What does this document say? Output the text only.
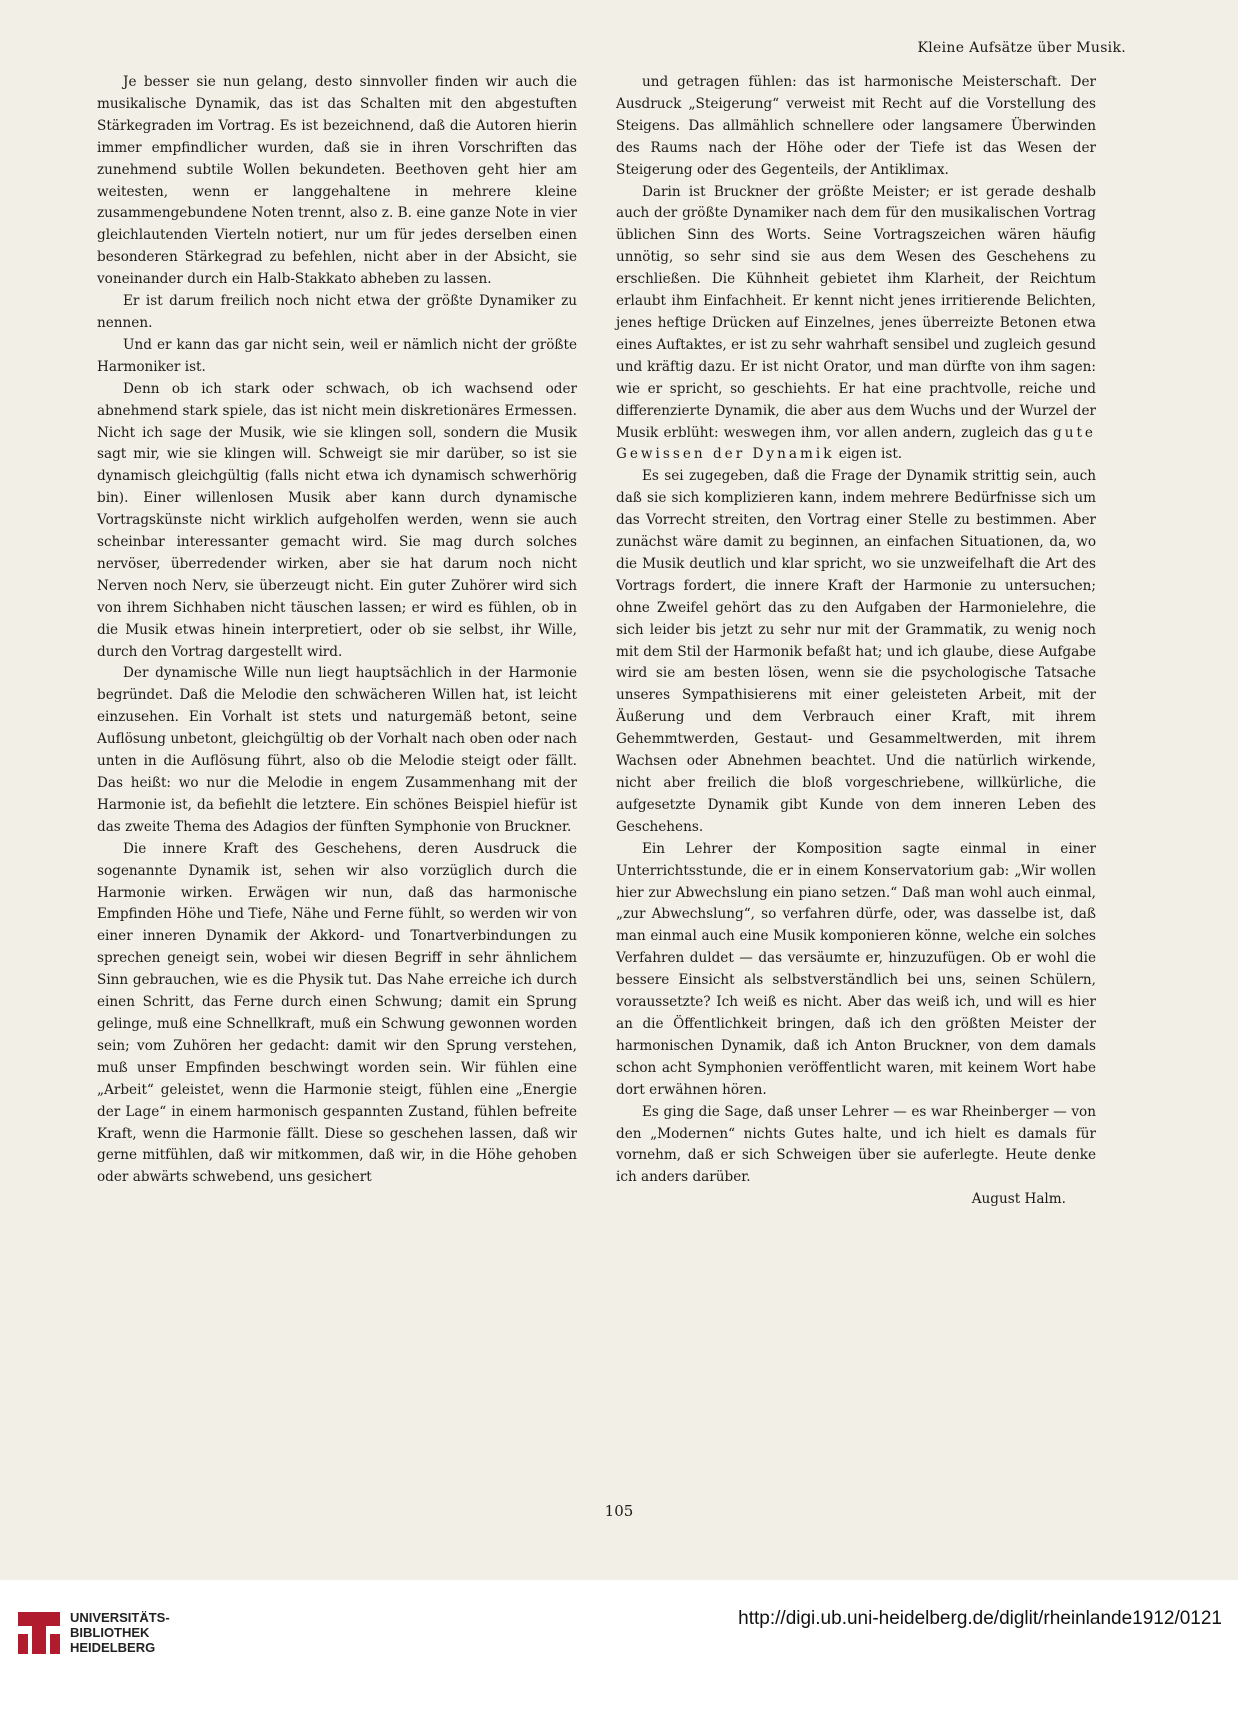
Kleine Aufsätze über Musik.

Je besser sie nun gelang, desto sinnvoller finden wir auch die musikalische Dynamik, das ist das Schalten mit den abgestuften Stärkegraden im Vortrag. Es ist bezeichnend, daß die Autoren hierin immer empfindlicher wurden, daß sie in ihren Vorschriften das zunehmend subtile Wollen bekundeten. Beethoven geht hier am weitesten, wenn er langgehaltene in mehrere kleine zusammengebundene Noten trennt, also z. B. eine ganze Note in vier gleichlautenden Vierteln notiert, nur um für jedes derselben einen besonderen Stärkegrad zu befehlen, nicht aber in der Absicht, sie voneinander durch ein Halb-Stakkato abheben zu lassen.

Er ist darum freilich noch nicht etwa der größte Dynamiker zu nennen.

Und er kann das gar nicht sein, weil er nämlich nicht der größte Harmoniker ist.

Denn ob ich stark oder schwach, ob ich wachsend oder abnehmend stark spiele, das ist nicht mein diskretionäres Ermessen. Nicht ich sage der Musik, wie sie klingen soll, sondern die Musik sagt mir, wie sie klingen will. Schweigt sie mir darüber, so ist sie dynamisch gleichgültig (falls nicht etwa ich dynamisch schwerhörig bin). Einer willenlosen Musik aber kann durch dynamische Vortragskünste nicht wirklich aufgeholfen werden, wenn sie auch scheinbar interessanter gemacht wird. Sie mag durch solches nervöser, überredender wirken, aber sie hat darum noch nicht Nerven noch Nerv, sie überzeugt nicht. Ein guter Zuhörer wird sich von ihrem Sichhaben nicht täuschen lassen; er wird es fühlen, ob in die Musik etwas hinein interpretiert, oder ob sie selbst, ihr Wille, durch den Vortrag dargestellt wird.

Der dynamische Wille nun liegt hauptsächlich in der Harmonie begründet. Daß die Melodie den schwächeren Willen hat, ist leicht einzusehen. Ein Vorhalt ist stets und naturgemäß betont, seine Auflösung unbetont, gleichgültig ob der Vorhalt nach oben oder nach unten in die Auflösung führt, also ob die Melodie steigt oder fällt. Das heißt: wo nur die Melodie in engem Zusammenhang mit der Harmonie ist, da befiehlt die letztere. Ein schönes Beispiel hiefür ist das zweite Thema des Adagios der fünften Symphonie von Bruckner.

Die innere Kraft des Geschehens, deren Ausdruck die sogenannte Dynamik ist, sehen wir also vorzüglich durch die Harmonie wirken. Erwägen wir nun, daß das harmonische Empfinden Höhe und Tiefe, Nähe und Ferne fühlt, so werden wir von einer inneren Dynamik der Akkord- und Tonartverbindungen zu sprechen geneigt sein, wobei wir diesen Begriff in sehr ähnlichem Sinn gebrauchen, wie es die Physik tut. Das Nahe erreiche ich durch einen Schritt, das Ferne durch einen Schwung; damit ein Sprung gelinge, muß eine Schnellkraft, muß ein Schwung gewonnen worden sein; vom Zuhören her gedacht: damit wir den Sprung verstehen, muß unser Empfinden beschwingt worden sein. Wir fühlen eine „Arbeit“ geleistet, wenn die Harmonie steigt, fühlen eine „Energie der Lage“ in einem harmonisch gespannten Zustand, fühlen befreite Kraft, wenn die Harmonie fällt. Diese so geschehen lassen, daß wir gerne mitfühlen, daß wir mitkommen, daß wir, in die Höhe gehoben oder abwärts schwebend, uns gesichert

und getragen fühlen: das ist harmonische Meisterschaft. Der Ausdruck „Steigerung“ verweist mit Recht auf die Vorstellung des Steigens. Das allmählich schnellere oder langsamere Überwinden des Raums nach der Höhe oder der Tiefe ist das Wesen der Steigerung oder des Gegenteils, der Antiklimax.

Darin ist Bruckner der größte Meister; er ist gerade deshalb auch der größte Dynamiker nach dem für den musikalischen Vortrag üblichen Sinn des Worts. Seine Vortragszeichen wären häufig unnötig, so sehr sind sie aus dem Wesen des Geschehens zu erschließen. Die Kühnheit gebietet ihm Klarheit, der Reichtum erlaubt ihm Einfachheit. Er kennt nicht jenes irritierende Belichten, jenes heftige Drücken auf Einzelnes, jenes überreizte Betonen etwa eines Auftaktes, er ist zu sehr wahrhaft sensibel und zugleich gesund und kräftig dazu. Er ist nicht Orator, und man dürfte von ihm sagen: wie er spricht, so geschiehts. Er hat eine prachtvolle, reiche und differenzierte Dynamik, die aber aus dem Wuchs und der Wurzel der Musik erblüht: weswegen ihm, vor allen andern, zugleich das gute Gewissen der Dynamik eigen ist.

Es sei zugegeben, daß die Frage der Dynamik strittig sein, auch daß sie sich komplizieren kann, indem mehrere Bedürfnisse sich um das Vorrecht streiten, den Vortrag einer Stelle zu bestimmen. Aber zunächst wäre damit zu beginnen, an einfachen Situationen, da, wo die Musik deutlich und klar spricht, wo sie unzweifelhaft die Art des Vortrags fordert, die innere Kraft der Harmonie zu untersuchen; ohne Zweifel gehört das zu den Aufgaben der Harmonielehre, die sich leider bis jetzt zu sehr nur mit der Grammatik, zu wenig noch mit dem Stil der Harmonik befaßt hat; und ich glaube, diese Aufgabe wird sie am besten lösen, wenn sie die psychologische Tatsache unseres Sympathisierens mit einer geleisteten Arbeit, mit der Äußerung und dem Verbrauch einer Kraft, mit ihrem Gehemmtwerden, Gestaut- und Gesammeltwerden, mit ihrem Wachsen oder Abnehmen beachtet. Und die natürlich wirkende, nicht aber freilich die bloß vorgeschriebene, willkürliche, die aufgesetzte Dynamik gibt Kunde von dem inneren Leben des Geschehens.

Ein Lehrer der Komposition sagte einmal in einer Unterrichtsstunde, die er in einem Konservatorium gab: „Wir wollen hier zur Abwechslung ein piano setzen.“ Daß man wohl auch einmal, „zur Abwechslung“, so verfahren dürfe, oder, was dasselbe ist, daß man einmal auch eine Musik komponieren könne, welche ein solches Verfahren duldet — das versäumte er, hinzuzufügen. Ob er wohl die bessere Einsicht als selbstverständlich bei uns, seinen Schülern, voraussetzte? Ich weiß es nicht. Aber das weiß ich, und will es hier an die Öffentlichkeit bringen, daß ich den größten Meister der harmonischen Dynamik, daß ich Anton Bruckner, von dem damals schon acht Symphonien veröffentlicht waren, mit keinem Wort habe dort erwähnen hören.

Es ging die Sage, daß unser Lehrer — es war Rheinberger — von den „Modernen“ nichts Gutes halte, und ich hielt es damals für vornehm, daß er sich Schweigen über sie auferlegte. Heute denke ich anders darüber.

August Halm.

105
UNIVERSITÄTS-
BIBLIOTHEK
HEIDELBERG
http://digi.ub.uni-heidelberg.de/diglit/rheinlande1912/0121
